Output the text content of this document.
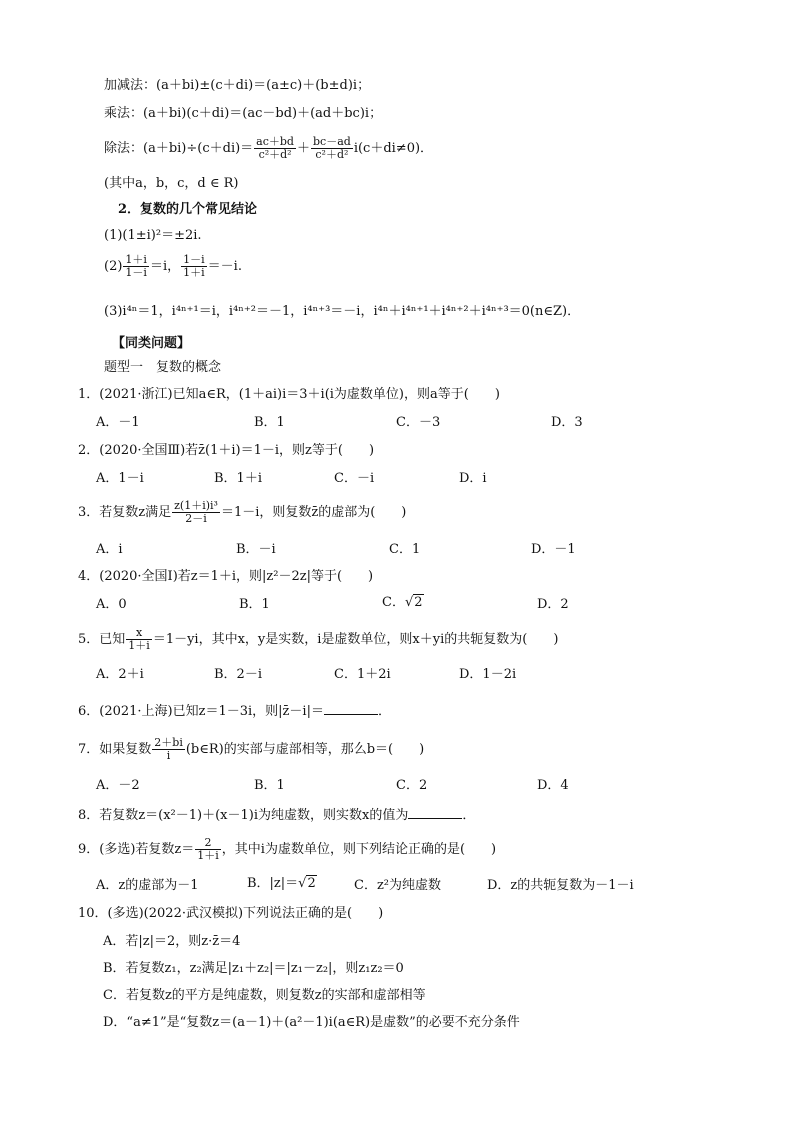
加减法：(a＋bi)±(c＋di)＝(a±c)＋(b±d)i；
乘法：(a＋bi)(c＋di)＝(ac－bd)＋(ad＋bc)i；
除法：$(a+bi)\div(c+di)= \frac{ac+bd}{\text{c²＋d²}} + \frac{bc-ad}{\text{c²＋d²}} i(c+di\ne 0)$．
(其中a，b，c，d ∈ R)
2．复数的几个常见结论
(1)(1±i)²＝±2i.
$(2) \frac{1+i}{1-i} =i$， $\frac{1-i}{1+i} =-i$.
(3)i⁴ⁿ＝1，i⁴ⁿ⁺¹＝i，i⁴ⁿ⁺²＝－1，i⁴ⁿ⁺³＝－i，i⁴ⁿ＋i⁴ⁿ⁺¹＋i⁴ⁿ⁺²＋i⁴ⁿ⁺³＝0(n∈Z)．
【同类问题】
题型一　复数的概念
1．(2021·浙江)已知a∈R，(1＋ai)i＝3＋i(i为虚数单位)，则a等于(　　)
A．－1	B．1	C．－3	D．3
2．(2020·全国Ⅲ)若z̄(1＋i)＝1－i，则z等于(　　)
A．1－i	B．1＋i	C．－i	D．i
3．若复数z满足 $\frac{\text{z(1＋i)i³}}{2-i} =1-i$，则复数z̄的虚部为(　　)
A．i	B．－i	C．1	D．－1
4．(2020·全国Ⅰ)若z＝1＋i，则|z²－2z|等于(　　)
A．0	B．1	C．√2	D．2
5．已知 $\frac{x}{1+i} =1-yi$，其中x，y是实数，i是虚数单位，则x＋yi的共轭复数为(　　)
A．2＋i	B．2－i	C．1＋2i	D．1－2i
6．(2021·上海)已知z＝1－3i，则|z̄－i|＝	．
7．如果复数 $\frac{2+bi}{i}$ (b∈R)的实部与虚部相等，那么b＝(　　)
A．－2	B．1	C．2	D．4
8．若复数z＝(x²－1)＋(x－1)i为纯虚数，则实数x的值为	．
9．(多选)若复数$z= \frac{2}{1+i}$ ，其中i为虚数单位，则下列结论正确的是(　　)
A．z的虚部为－1	B．|z|＝√2	C．z²为纯虚数	D．z的共轭复数为－1－i
10．(多选)(2022·武汉模拟)下列说法正确的是(　　)
A．若|z|＝2，则z·z̄＝4
B．若复数z₁，z₂满足|z₁＋z₂|＝|z₁－z₂|，则z₁z₂＝0
C．若复数z的平方是纯虚数，则复数z的实部和虚部相等
D．“a≠1”是“复数z＝(a－1)＋(a²－1)i(a∈R)是虚数”的必要不充分条件
